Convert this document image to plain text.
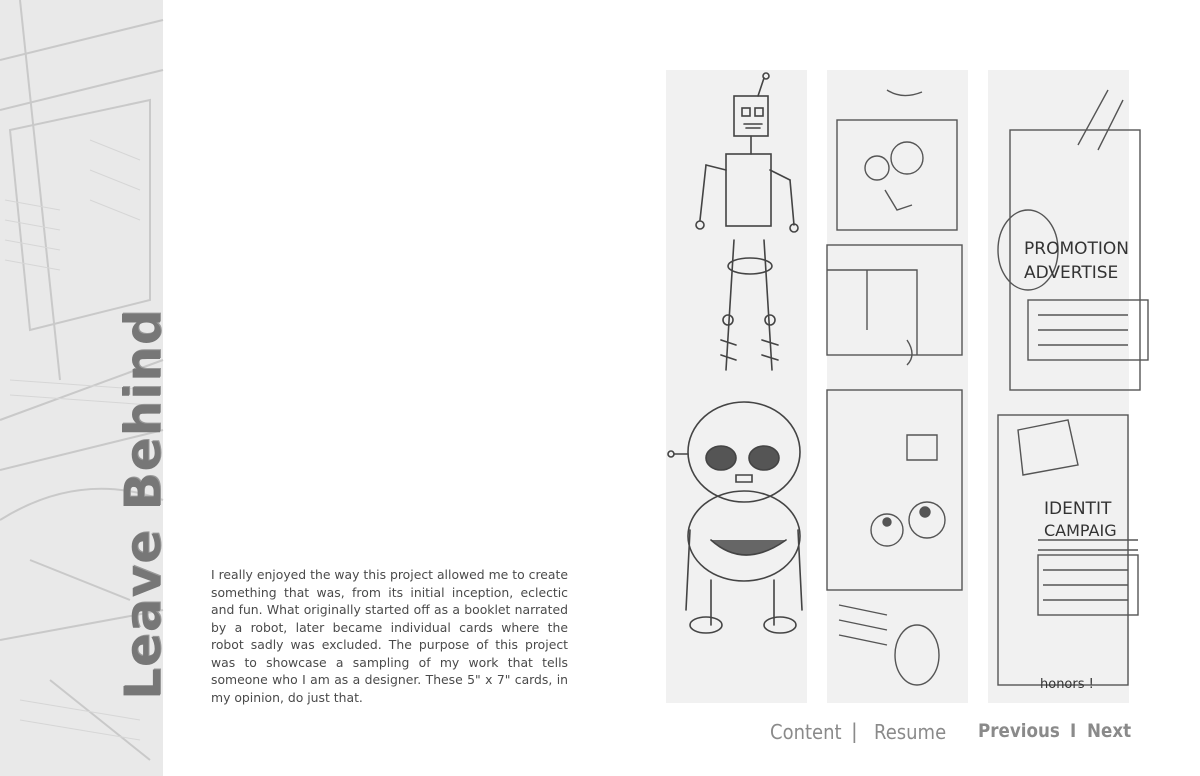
Leave Behind	I really enjoyed the way this project allowed me to create something that was, from its initial inception, eclectic and fun. What originally started off as a booklet narrated by a robot, later became individual cards where the robot sadly was excluded. The purpose of this project was to showcase a sampling of my work that tells someone who I am as a designer. These 5" x 7" cards, in my opinion, do just that.

PROMOTION
ADVERTISE
IDENTIT
CAMPAIG
honors !
Content | Resume Previous I Next
